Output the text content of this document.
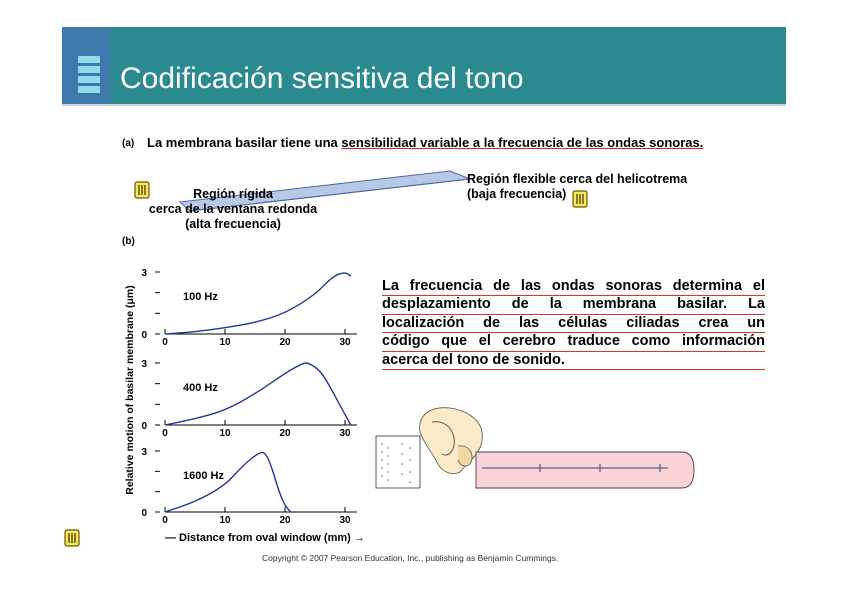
Codificación sensitiva del tono
(a) La membrana basilar tiene una sensibilidad variable a la frecuencia de las ondas sonoras.
Región rígida
cerca de la ventana redonda
(alta frecuencia)
Región flexible cerca del helicotrema
(baja frecuencia)
(b)
Relative motion of basilar membrane (μm) 0
3
0	10	20	30
100 Hz
0
3
0	10	20	30
400 Hz
0
3
0	10	20	30
1600 Hz
— Distance from oval window (mm) →
La frecuencia de las ondas sonoras determina el
desplazamiento de la membrana basilar. La
localización de las células ciliadas crea un
código que el cerebro traduce como información
acerca del tono de sonido.
Copyright © 2007 Pearson Education, Inc., publishing as Benjamin Cummings.
